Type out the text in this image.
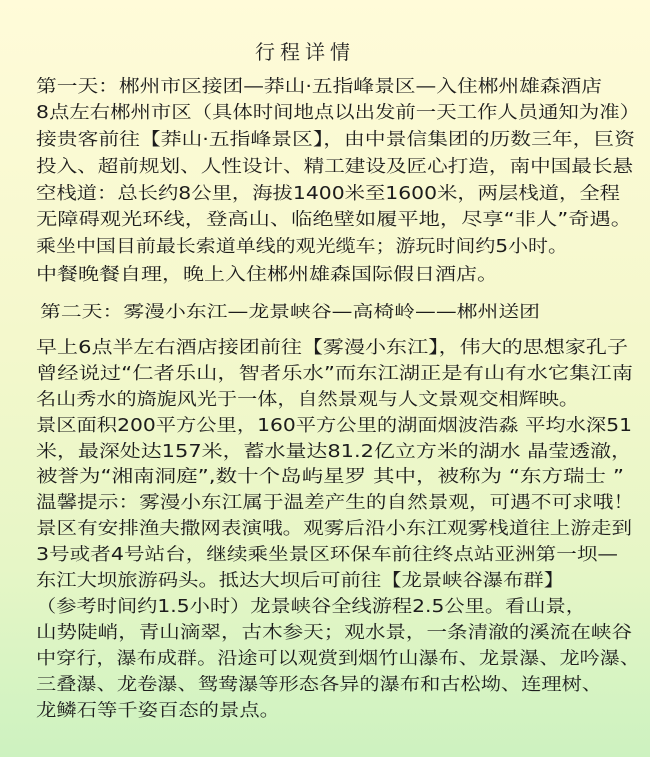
行程详情
第一天：郴州市区接团—莽山·五指峰景区—入住郴州雄森酒店
8点左右郴州市区（具体时间地点以出发前一天工作人员通知为准）
接贵客前往【莽山·五指峰景区】，由中景信集团的历数三年，巨资
投入、超前规划、人性设计、精工建设及匠心打造，南中国最长悬
空栈道：总长约8公里，海拔1400米至1600米，两层栈道，全程
无障碍观光环线，登高山、临绝壁如履平地，尽享“非人”奇遇。
乘坐中国目前最长索道单线的观光缆车；游玩时间约5小时。
中餐晚餐自理，晚上入住郴州雄森国际假日酒店。
第二天：雾漫小东江—龙景峡谷—高椅岭——郴州送团
早上6点半左右酒店接团前往【雾漫小东江】，伟大的思想家孔子
曾经说过“仁者乐山，智者乐水”而东江湖正是有山有水它集江南
名山秀水的旖旎风光于一体，自然景观与人文景观交相辉映。
景区面积200平方公里，160平方公里的湖面烟波浩淼 平均水深51
米，最深处达157米，蓄水量达81.2亿立方米的湖水 晶莹透澈，
被誉为“湘南洞庭”,数十个岛屿星罗 其中，被称为 “东方瑞士 ”
温馨提示：雾漫小东江属于温差产生的自然景观，可遇不可求哦！
景区有安排渔夫撒网表演哦。观雾后沿小东江观雾栈道往上游走到
3号或者4号站台，继续乘坐景区环保车前往终点站亚洲第一坝—
东江大坝旅游码头。抵达大坝后可前往【龙景峡谷瀑布群】
（参考时间约1.5小时）龙景峡谷全线游程2.5公里。看山景，
山势陡峭，青山滴翠，古木参天；观水景，一条清澈的溪流在峡谷
中穿行，瀑布成群。沿途可以观赏到烟竹山瀑布、龙景瀑、龙吟瀑、
三叠瀑、龙卷瀑、鸳鸯瀑等形态各异的瀑布和古松坳、连理树、
龙鳞石等千姿百态的景点。
